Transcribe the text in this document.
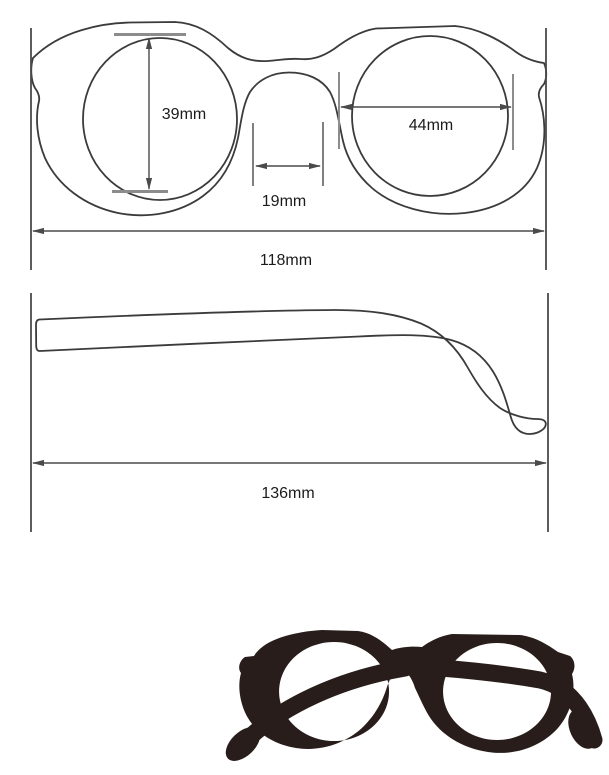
39mm
44mm
19mm
118mm
136mm
